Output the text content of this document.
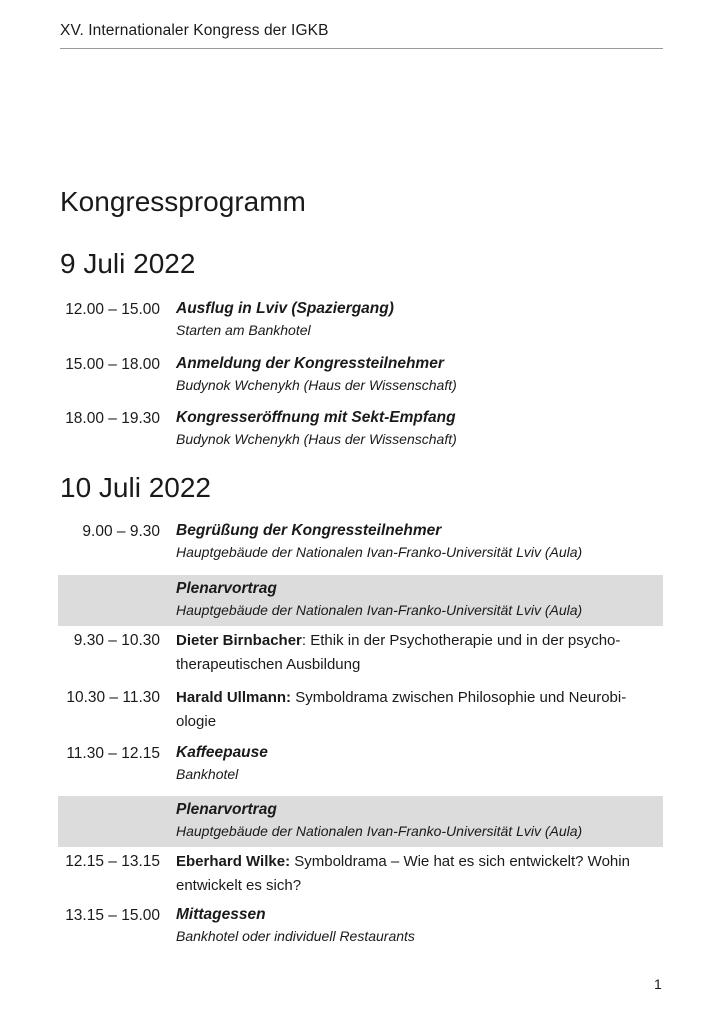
XV. Internationaler Kongress der IGKB
Kongressprogramm
9 Juli 2022
12.00 – 15.00 Ausflug in Lviv (Spaziergang)
Starten am Bankhotel
15.00 – 18.00 Anmeldung der Kongressteilnehmer
Budynok Wchenykh (Haus der Wissenschaft)
18.00 – 19.30 Kongresseröffnung mit Sekt-Empfang
Budynok Wchenykh (Haus der Wissenschaft)
10 Juli 2022
9.00 – 9.30 Begrüßung der Kongressteilnehmer
Hauptgebäude der Nationalen Ivan-Franko-Universität Lviv (Aula)
Plenarvortrag
Hauptgebäude der Nationalen Ivan-Franko-Universität Lviv (Aula)
9.30 – 10.30 Dieter Birnbacher: Ethik in der Psychotherapie und in der psycho-
therapeutischen Ausbildung
10.30 – 11.30 Harald Ullmann: Symboldrama zwischen Philosophie und Neurobi-
ologie
11.30 – 12.15 Kaffeepause
Bankhotel
Plenarvortrag
Hauptgebäude der Nationalen Ivan-Franko-Universität Lviv (Aula)
12.15 – 13.15 Eberhard Wilke: Symboldrama – Wie hat es sich entwickelt? Wohin
entwickelt es sich?
13.15 – 15.00 Mittagessen
Bankhotel oder individuell Restaurants
1
